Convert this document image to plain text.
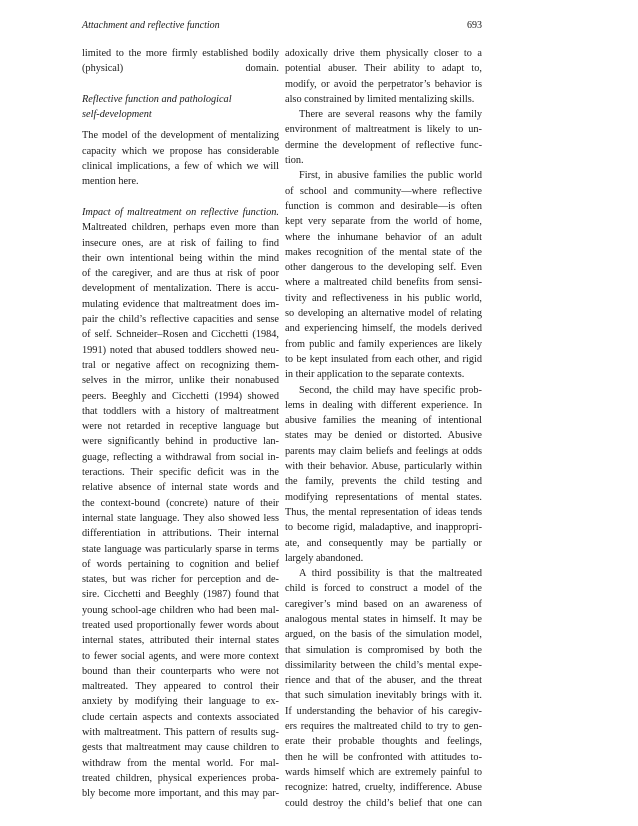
Attachment and reflective function	693
limited to the more firmly established bodily
(physical) domain.
Reflective function and pathological
self-development
The model of the development of mentalizing
capacity which we propose has considerable
clinical implications, a few of which we will
mention here.
Impact of maltreatment on reflective function.
Maltreated children, perhaps even more than
insecure ones, are at risk of failing to find
their own intentional being within the mind
of the caregiver, and are thus at risk of poor
development of mentalization. There is accu-
mulating evidence that maltreatment does im-
pair the child’s reflective capacities and sense
of self. Schneider–Rosen and Cicchetti (1984,
1991) noted that abused toddlers showed neu-
tral or negative affect on recognizing them-
selves in the mirror, unlike their nonabused
peers. Beeghly and Cicchetti (1994) showed
that toddlers with a history of maltreatment
were not retarded in receptive language but
were significantly behind in productive lan-
guage, reflecting a withdrawal from social in-
teractions. Their specific deficit was in the
relative absence of internal state words and
the context-bound (concrete) nature of their
internal state language. They also showed less
differentiation in attributions. Their internal
state language was particularly sparse in terms
of words pertaining to cognition and belief
states, but was richer for perception and de-
sire. Cicchetti and Beeghly (1987) found that
young school-age children who had been mal-
treated used proportionally fewer words about
internal states, attributed their internal states
to fewer social agents, and were more context
bound than their counterparts who were not
maltreated. They appeared to control their
anxiety by modifying their language to ex-
clude certain aspects and contexts associated
with maltreatment. This pattern of results sug-
gests that maltreatment may cause children to
withdraw from the mental world. For mal-
treated children, physical experiences proba-
bly become more important, and this may par-
adoxically drive them physically closer to a
potential abuser. Their ability to adapt to,
modify, or avoid the perpetrator’s behavior is
also constrained by limited mentalizing skills.
There are several reasons why the family
environment of maltreatment is likely to un-
dermine the development of reflective func-
tion.
First, in abusive families the public world
of school and community—where reflective
function is common and desirable—is often
kept very separate from the world of home,
where the inhumane behavior of an adult
makes recognition of the mental state of the
other dangerous to the developing self. Even
where a maltreated child benefits from sensi-
tivity and reflectiveness in his public world,
so developing an alternative model of relating
and experiencing himself, the models derived
from public and family experiences are likely
to be kept insulated from each other, and rigid
in their application to the separate contexts.
Second, the child may have specific prob-
lems in dealing with different experience. In
abusive families the meaning of intentional
states may be denied or distorted. Abusive
parents may claim beliefs and feelings at odds
with their behavior. Abuse, particularly within
the family, prevents the child testing and
modifying representations of mental states.
Thus, the mental representation of ideas tends
to become rigid, maladaptive, and inappropri-
ate, and consequently may be partially or
largely abandoned.
A third possibility is that the maltreated
child is forced to construct a model of the
caregiver’s mind based on an awareness of
analogous mental states in himself. It may be
argued, on the basis of the simulation model,
that simulation is compromised by both the
dissimilarity between the child’s mental expe-
rience and that of the abuser, and the threat
that such simulation inevitably brings with it.
If understanding the behavior of his caregiv-
ers requires the maltreated child to try to gen-
erate their probable thoughts and feelings,
then he will be confronted with attitudes to-
wards himself which are extremely painful to
recognize: hatred, cruelty, indifference. Abuse
could destroy the child’s belief that one can
